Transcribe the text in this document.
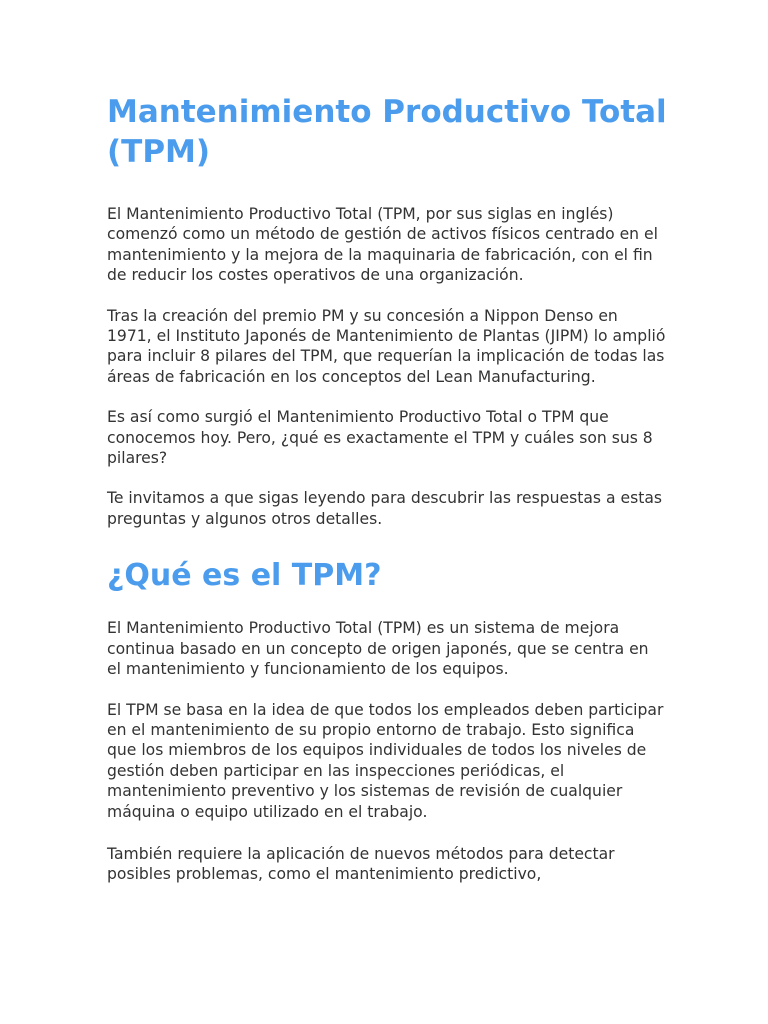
Mantenimiento Productivo Total (TPM)

El Mantenimiento Productivo Total (TPM, por sus siglas en inglés) comenzó como un método de gestión de activos físicos centrado en el mantenimiento y la mejora de la maquinaria de fabricación, con el fin de reducir los costes operativos de una organización.

Tras la creación del premio PM y su concesión a Nippon Denso en 1971, el Instituto Japonés de Mantenimiento de Plantas (JIPM) lo amplió para incluir 8 pilares del TPM, que requerían la implicación de todas las áreas de fabricación en los conceptos del Lean Manufacturing.

Es así como surgió el Mantenimiento Productivo Total o TPM que conocemos hoy. Pero, ¿qué es exactamente el TPM y cuáles son sus 8 pilares?

Te invitamos a que sigas leyendo para descubrir las respuestas a estas preguntas y algunos otros detalles.

¿Qué es el TPM?

El Mantenimiento Productivo Total (TPM) es un sistema de mejora continua basado en un concepto de origen japonés, que se centra en el mantenimiento y funcionamiento de los equipos.

El TPM se basa en la idea de que todos los empleados deben participar en el mantenimiento de su propio entorno de trabajo. Esto significa que los miembros de los equipos individuales de todos los niveles de gestión deben participar en las inspecciones periódicas, el mantenimiento preventivo y los sistemas de revisión de cualquier máquina o equipo utilizado en el trabajo.

También requiere la aplicación de nuevos métodos para detectar posibles problemas, como el mantenimiento predictivo,
